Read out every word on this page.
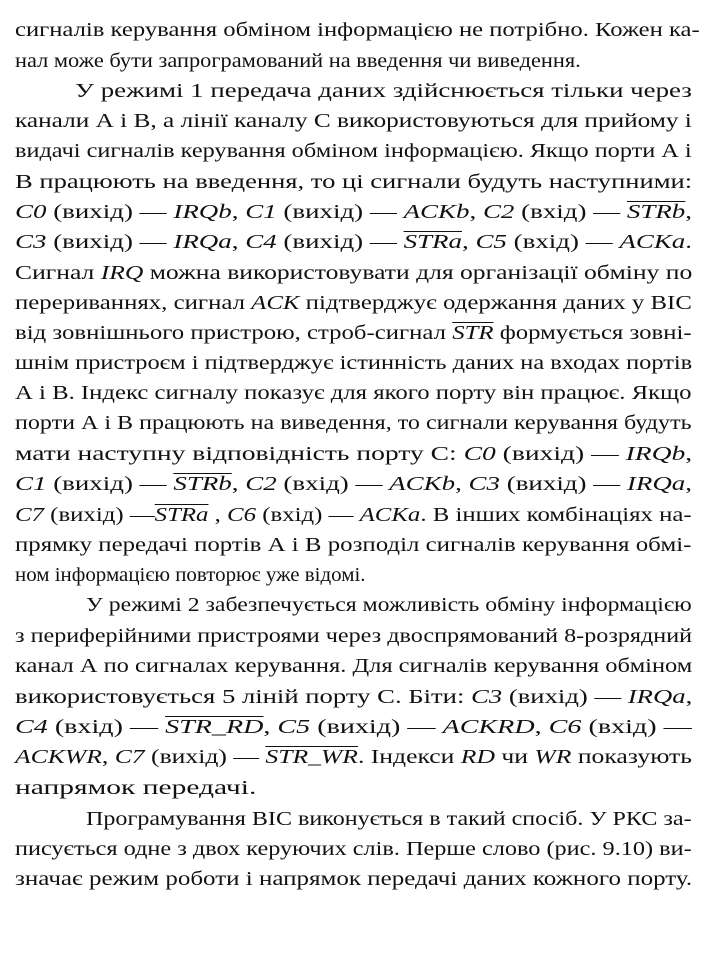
сигналів керування обміном інформацією не потрібно. Кожен ка-
нал може бути запрограмований на введення чи виведення.
У режимі 1 передача даних здійснюється тільки через
канали А і В, а лінії каналу С використовуються для прийому і
видачі сигналів керування обміном інформацією. Якщо порти А і
В працюють на введення, то ці сигнали будуть наступними:
C0 (вихід) — IRQb, C1 (вихід) — ACKb, C2 (вхід) — STRb,
C3 (вихід) — IRQa, C4 (вихід) — STRa, C5 (вхід) — ACKa.
Сигнал IRQ можна використовувати для організації обміну по
перериваннях, сигнал ACK підтверджує одержання даних у ВІС
від зовнішнього пристрою, строб-сигнал $\overline{STR}$ формується зовні-
шнім пристроєм і підтверджує істинність даних на входах портів
А і В. Індекс сигналу показує для якого порту він працює. Якщо
порти А і В працюють на виведення, то сигнали керування будуть
мати наступну відповідність порту С: C0 (вихід) — IRQb,
C1 (вихід) — STRb, C2 (вхід) — ACKb, C3 (вихід) — IRQa,
C7 (вихід) —STRa , C6 (вхід) — ACKa. В інших комбінаціях на-
прямку передачі портів А і В розподіл сигналів керування обмі-
ном інформацією повторює уже відомі.
У режимі 2 забезпечується можливість обміну інформацією
з периферійними пристроями через двоспрямований 8-розрядний
канал А по сигналах керування. Для сигналів керування обміном
використовується 5 ліній порту С. Біти: C3 (вихід) — IRQa,
C4 (вхід) — STR_RD, C5 (вихід) — ACKRD, C6 (вхід) —
ACKWR, C7 (вихід) — STR_WR. Індекси RD чи WR показують
напрямок передачі.
Програмування ВІС виконується в такий спосіб. У РКС за-
писується одне з двох керуючих слів. Перше слово (рис. 9.10) ви-
значає режим роботи і напрямок передачі даних кожного порту.
